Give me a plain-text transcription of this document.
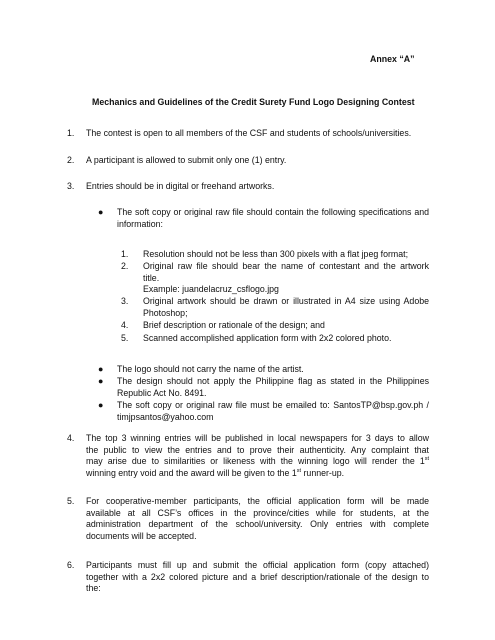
Annex “A”
Mechanics and Guidelines of the Credit Surety Fund Logo Designing Contest
1. The contest is open to all members of the CSF and students of schools/universities.
2. A participant is allowed to submit only one (1) entry.
3. Entries should be in digital or freehand artworks.
● The soft copy or original raw file should contain the following specifications and
information:
1. Resolution should not be less than 300 pixels with a flat jpeg format;
2. Original raw file should bear the name of contestant and the artwork
title.
Example: juandelacruz_csflogo.jpg
3. Original artwork should be drawn or illustrated in A4 size using Adobe
Photoshop;
4. Brief description or rationale of the design; and
5. Scanned accomplished application form with 2x2 colored photo.
● The logo should not carry the name of the artist.
● The design should not apply the Philippine flag as stated in the Philippines
Republic Act No. 8491.
● The soft copy or original raw file must be emailed to: SantosTP@bsp.gov.ph /
timjpsantos@yahoo.com
4. The top 3 winning entries will be published in local newspapers for 3 days to allow
the public to view the entries and to prove their authenticity. Any complaint that
may arise due to similarities or likeness with the winning logo will render the 1st
winning entry void and the award will be given to the 1st runner-up.
5. For cooperative-member participants, the official application form will be made
available at all CSF’s offices in the province/cities while for students, at the
administration department of the school/university. Only entries with complete
documents will be accepted.
6. Participants must fill up and submit the official application form (copy attached)
together with a 2x2 colored picture and a brief description/rationale of the design to
the:
